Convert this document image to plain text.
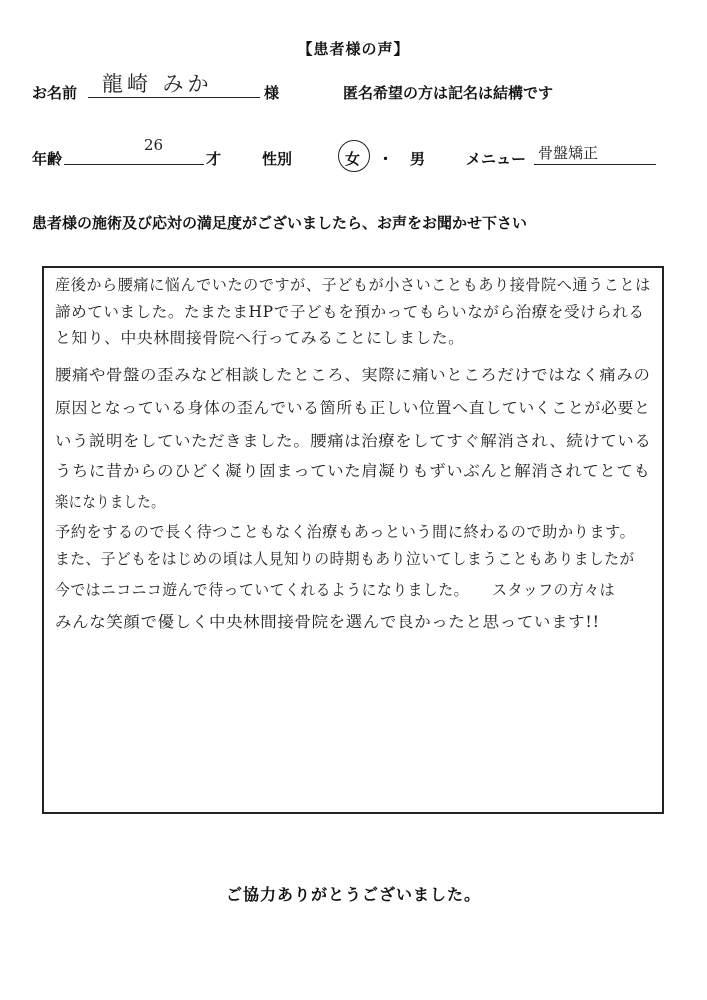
【患者様の声】
お名前 龍崎 みか	様	匿名希望の方は記名は結構です
年齢
26
才	性別	女 ・ 男	メニュー 骨盤矯正
患者様の施術及び応対の満足度がございましたら、お声をお聞かせ下さい
産後から腰痛に悩んでいたのですが、子どもが小さいこともあり接骨院へ通うことは
諦めていました。たまたまHPで子どもを預かってもらいながら治療を受けられる
と知り、中央林間接骨院へ行ってみることにしました。
腰痛や骨盤の歪みなど相談したところ、実際に痛いところだけではなく痛みの
原因となっている身体の歪んでいる箇所も正しい位置へ直していくことが必要と
いう説明をしていただきました。腰痛は治療をしてすぐ解消され、続けている
うちに昔からのひどく凝り固まっていた肩凝りもずいぶんと解消されてとても
楽になりました。
予約をするので長く待つこともなく治療もあっという間に終わるので助かります。
また、子どもをはじめの頃は人見知りの時期もあり泣いてしまうこともありましたが
今ではニコニコ遊んで待っていてくれるようになりました。　　スタッフの方々は
みんな笑顔で優しく中央林間接骨院を選んで良かったと思っています!!
ご協力ありがとうございました。
